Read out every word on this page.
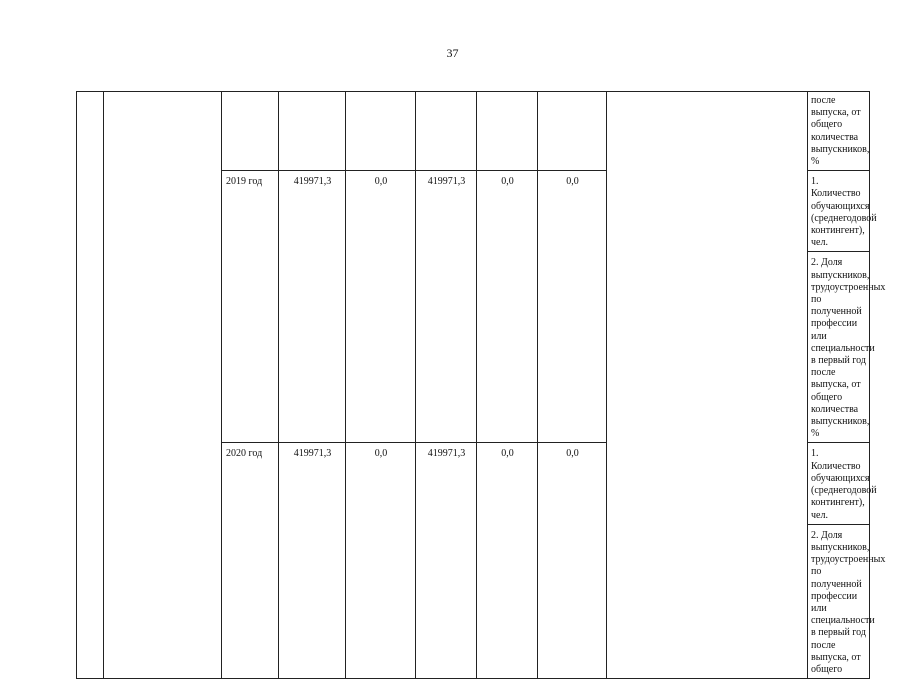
37
									после выпуска, от общего количества выпускников, %	
		2019 год	419971,3	0,0	419971,3	0,0	0,0		1. Количество обучающихся (среднегодовой контингент), чел.	
									2. Доля выпускников, трудоустроенных по полученной профессии или специальности в первый год после выпуска, от общего количества выпускников, %	
		2020 год	419971,3	0,0	419971,3	0,0	0,0		1. Количество обучающихся (среднегодовой контингент), чел.	
									2. Доля выпускников, трудоустроенных по полученной профессии или специальности в первый год после выпуска, от общего	
